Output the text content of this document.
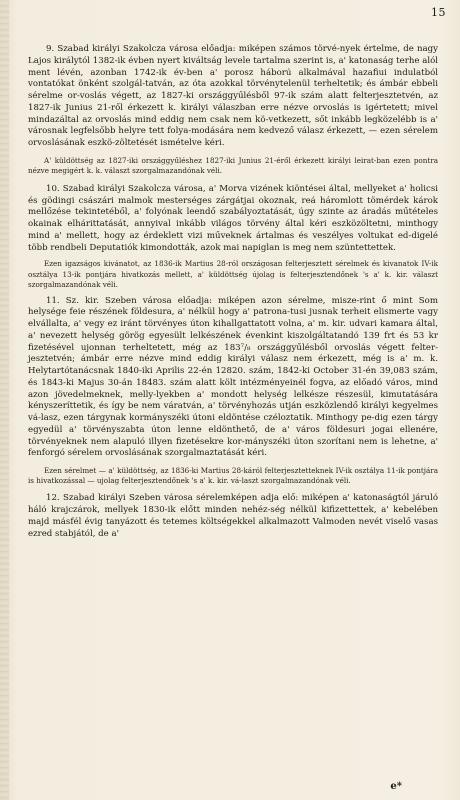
15

9. Szabad királyi Szakolcza városa előadja: miképen számos törvé-nyek értelme, de nagy Lajos királytól 1382-ik évben nyert kiváltság levele tartalma szerint is, a' katonaság terhe alól ment lévén, azonban 1742-ik év-ben a' porosz háború alkalmával hazafiui indulatból vontatókat önként szolgál-tatván, az óta azokkal törvénytelenül terheltetik; és ámbár ebbeli sérelme or-voslás végett, az 1827-ki országgyűlésből 97-ik szám alatt felterjesztetvén, az 1827-ik Junius 21-ről érkezett k. királyi válaszban erre nézve orvoslás is igértetett; mivel mindazáltal az orvoslás mind eddig nem csak nem kö-vetkezett, sőt inkább legközelébb is a' városnak legfelsőbb helyre tett folya-modására nem kedvező válasz érkezett, — ezen sérelem orvoslásának eszkö-zöltetését ismételve kéri.

A' küldöttség az 1827-iki országgyűléshez 1827-iki Junius 21-éről érkezett királyi leirat-ban ezen pontra nézve megigért k. k. választ szorgalmazandónak véli.

10. Szabad királyi Szakolcza városa, a' Morva vizének kiöntései által, mellyeket a' holicsi és gödingi császári malmok mesterséges zárgátjai okoznak, reá háromlott tömérdek károk mellőzése tekintetéből, a' folyónak leendő szabályoztatását, úgy szinte az áradás műtételes okainak elhárittatását, annyival inkább világos törvény által kéri eszközöltetni, minthogy mind a' mellett, hogy az érdeklett vizi műveknek ártalmas és veszélyes voltukat ed-digelé több rendbeli Deputatiók kimondották, azok mai napiglan is meg nem szüntettettek.

Ezen igazságos kivánatot, az 1836-ik Martius 28-ról országosan felterjesztett sérelmek és kivanatok IV-ik osztálya 13-ik pontjára hivatkozás mellett, a' küldöttség újolag is felterjesztendőnek 's a' k. kir. választ szorgalmazandónak véli.

11. Sz. kir. Szeben városa előadja: miképen azon sérelme, misze-rint ő mint Som helysége feie részének földesura, a' nélkül hogy a' patrona-tusi jusnak terheit elismerte vagy elvállalta, a' vegy ez iránt törvényes úton kihallgattatott volna, a' m. kir. udvari kamara által, a' nevezett helység görög egyesült lelkészének évenkint kiszolgáltatandó 139 frt és 53 kr fizetésével ujonnan terheltetett, még az 183⁷/₈ országgyűlésből orvoslás végett felter-jesztetvén; ámbár erre nézve mind eddig királyi válasz nem érkezett, még is a' m. k. Helytartótanácsnak 1840-iki Aprilis 22-én 12820. szám, 1842-ki October 31-én 39,083 szám, és 1843-ki Majus 30-án 18483. szám alatt költ intézményeinél fogva, az előadó város, mind azon jövedelmeknek, melly-lyekben a' mondott helység lelkésze részesül, kimutatására kényszeríttetik, és így be nem váratván, a' törvényhozás utján eszközlendő királyi kegyelmes vá-lasz, ezen tárgynak kormányszéki útoni eldöntése czéloztatik. Minthogy pe-dig ezen tárgy egyedül a' törvényszabta úton lenne eldönthető, de a' város földesuri jogai ellenére, törvényeknek nem alapuló illyen fizetésekre kor-mányszéki úton szorítani nem is lehetne, a' fenforgó sérelem orvoslásának szorgalmaztatását kéri.

Ezen sérelmet — a' küldöttség, az 1836-ki Martius 28-káról felterjesztetteknek IV-ik osztálya 11-ik pontjára is hivatkozással — ujolag felterjesztendőnek 's a' k. kir. vá-laszt szorgalmazandónak véli.

12. Szabad királyi Szeben városa sérelemképen adja elő: miképen a' katonaságtól járuló háló krajczárok, mellyek 1830-ik előtt minden nehéz-ség nélkül kifizettettek, a' kebelében majd másfél évig tanyázott és tetemes költségekkel alkalmazott Valmoden nevét viselő vasas ezred stabjától, de a'

e*
